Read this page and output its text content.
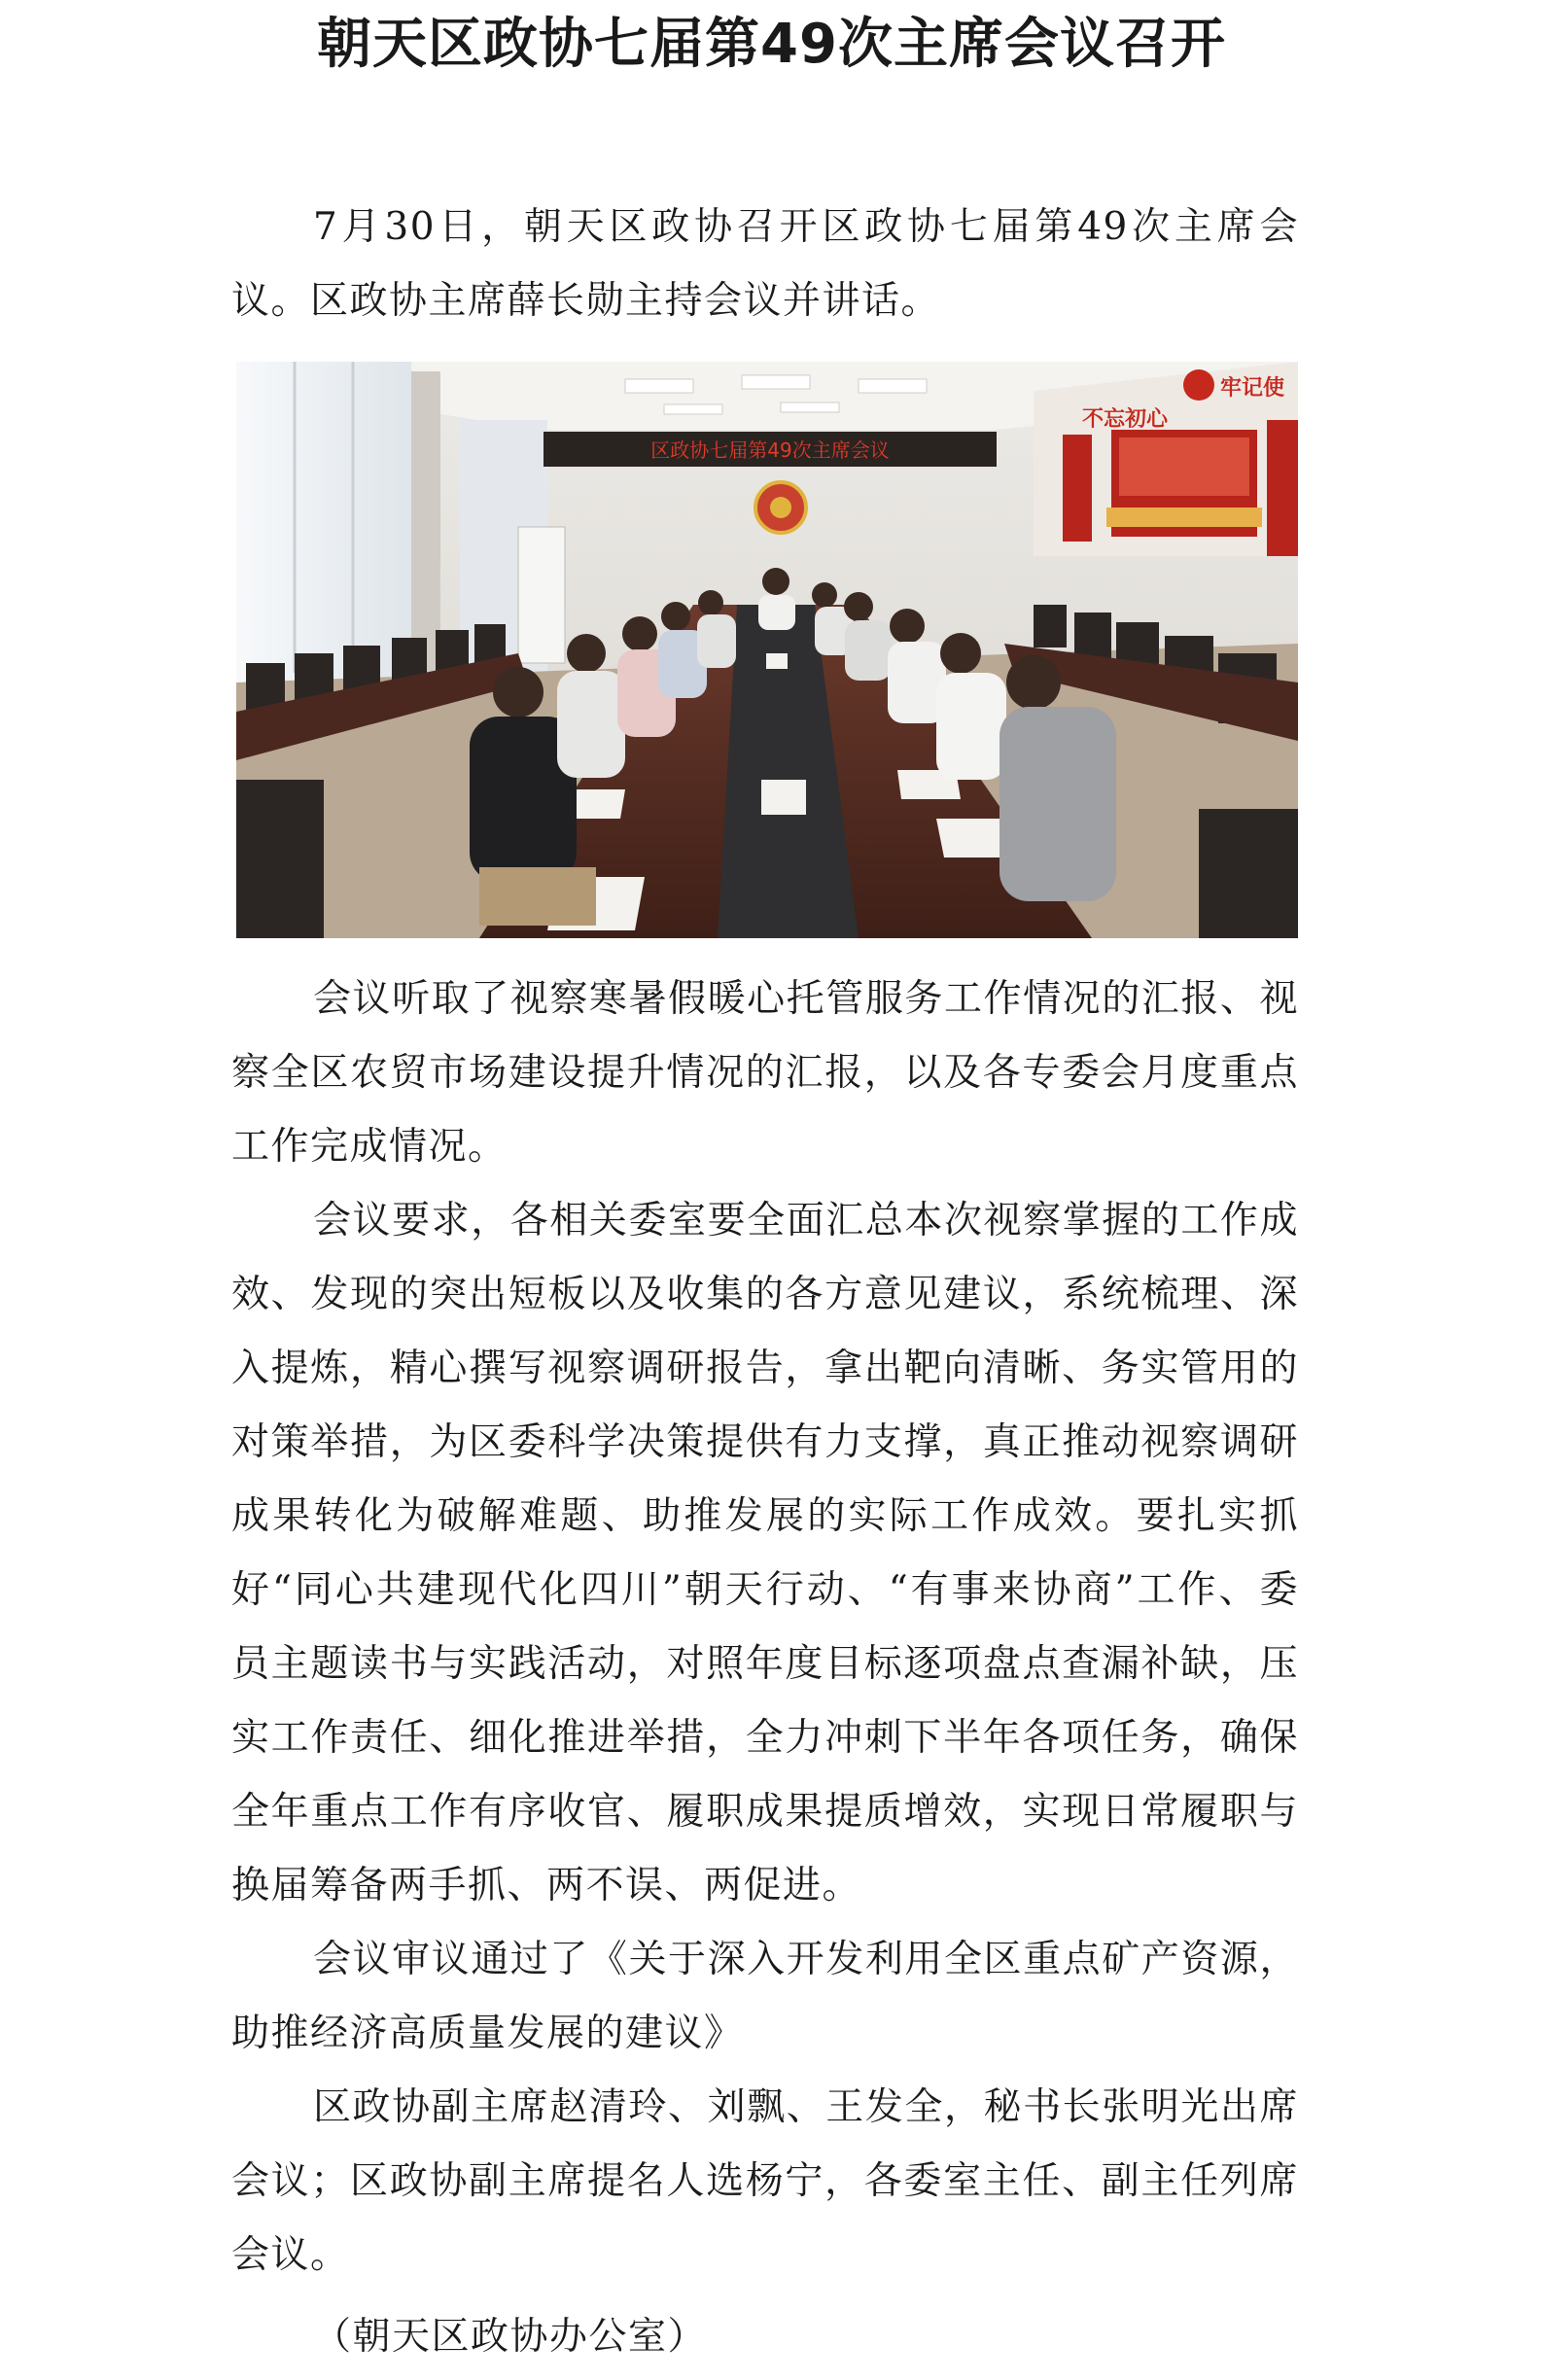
朝天区政协七届第49次主席会议召开

7月30日，朝天区政协召开区政协七届第49次主席会议。区政协主席薛长勋主持会议并讲话。

区政协七届第49次主席会议
不忘初心
牢记使

会议听取了视察寒暑假暖心托管服务工作情况的汇报、视察全区农贸市场建设提升情况的汇报，以及各专委会月度重点工作完成情况。

会议要求，各相关委室要全面汇总本次视察掌握的工作成效、发现的突出短板以及收集的各方意见建议，系统梳理、深入提炼，精心撰写视察调研报告，拿出靶向清晰、务实管用的对策举措，为区委科学决策提供有力支撑，真正推动视察调研成果转化为破解难题、助推发展的实际工作成效。要扎实抓好“同心共建现代化四川”朝天行动、“有事来协商”工作、委员主题读书与实践活动，对照年度目标逐项盘点查漏补缺，压实工作责任、细化推进举措，全力冲刺下半年各项任务，确保全年重点工作有序收官、履职成果提质增效，实现日常履职与换届筹备两手抓、两不误、两促进。

会议审议通过了《关于深入开发利用全区重点矿产资源，助推经济高质量发展的建议》

区政协副主席赵清玲、刘飘、王发全，秘书长张明光出席会议；区政协副主席提名人选杨宁，各委室主任、副主任列席会议。

（朝天区政协办公室）
